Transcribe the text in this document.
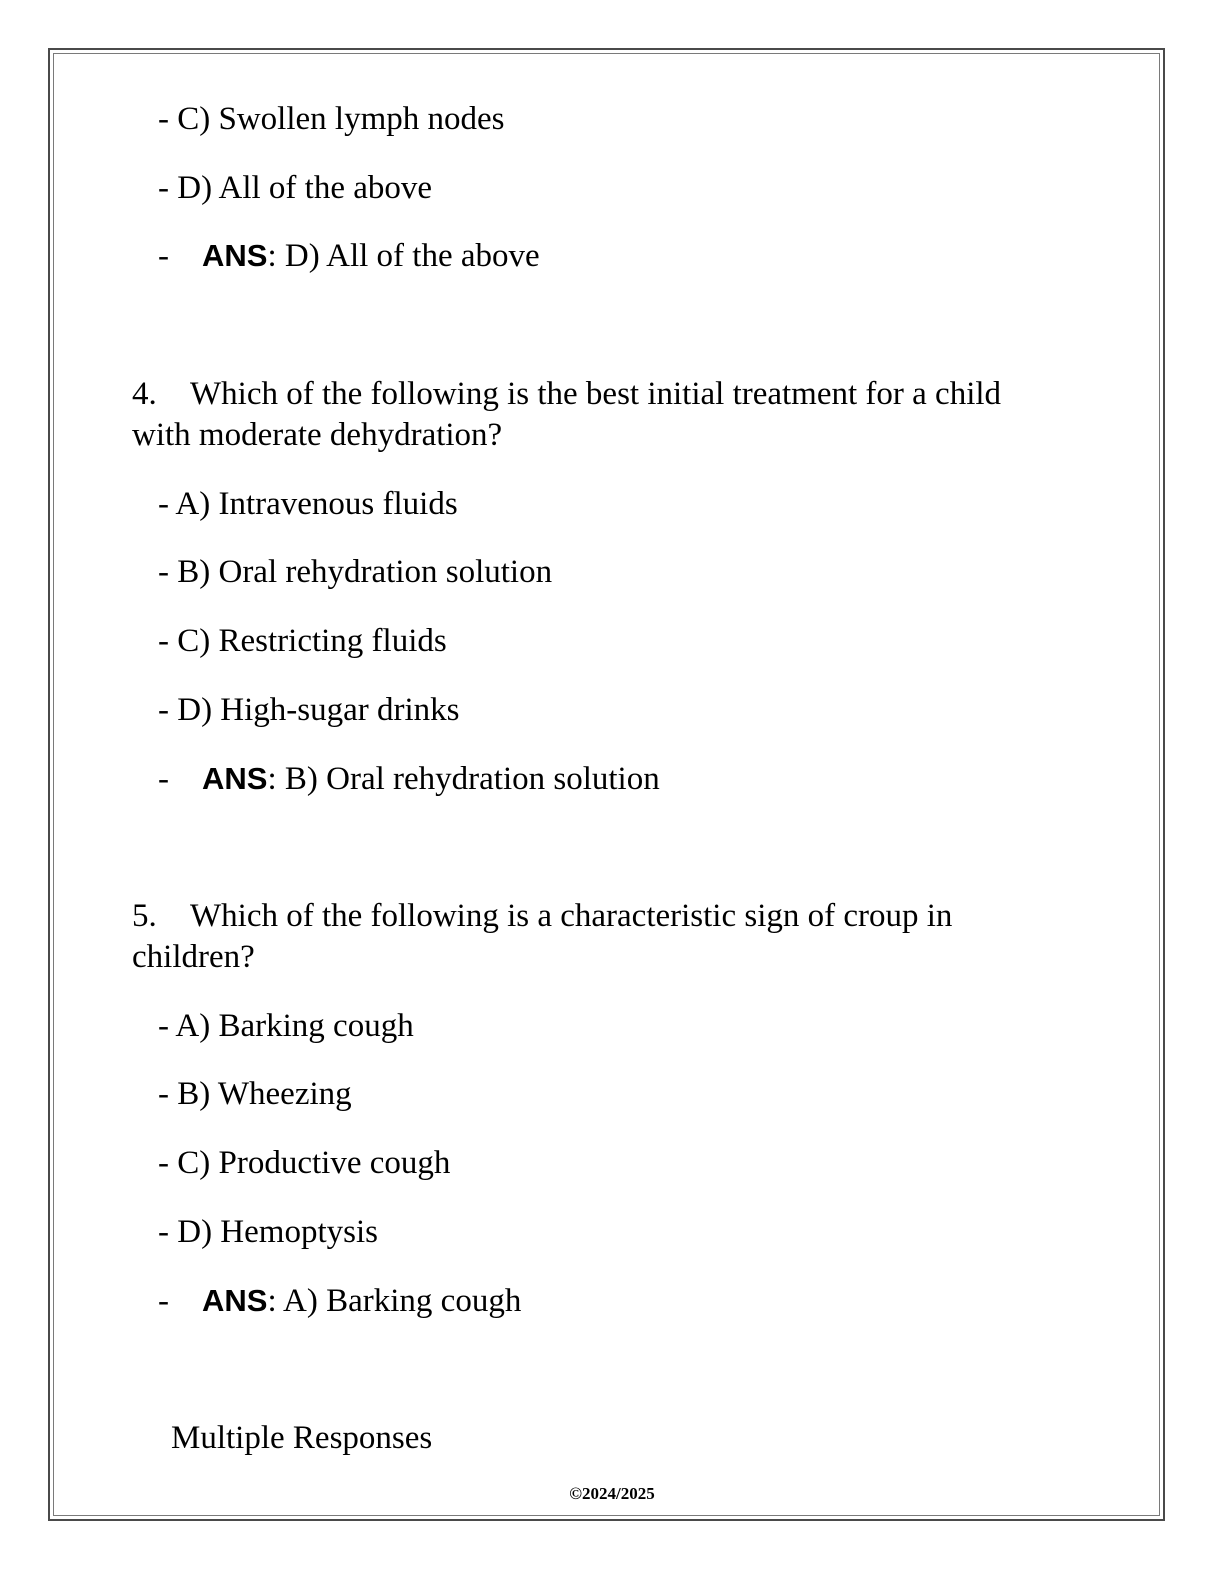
- C) Swollen lymph nodes
- D) All of the above
- ANS: D) All of the above
4. Which of the following is the best initial treatment for a child
with moderate dehydration?
- A) Intravenous fluids
- B) Oral rehydration solution
- C) Restricting fluids
- D) High-sugar drinks
- ANS: B) Oral rehydration solution
5. Which of the following is a characteristic sign of croup in
children?
- A) Barking cough
- B) Wheezing
- C) Productive cough
- D) Hemoptysis
- ANS: A) Barking cough
Multiple Responses
©2024/2025
